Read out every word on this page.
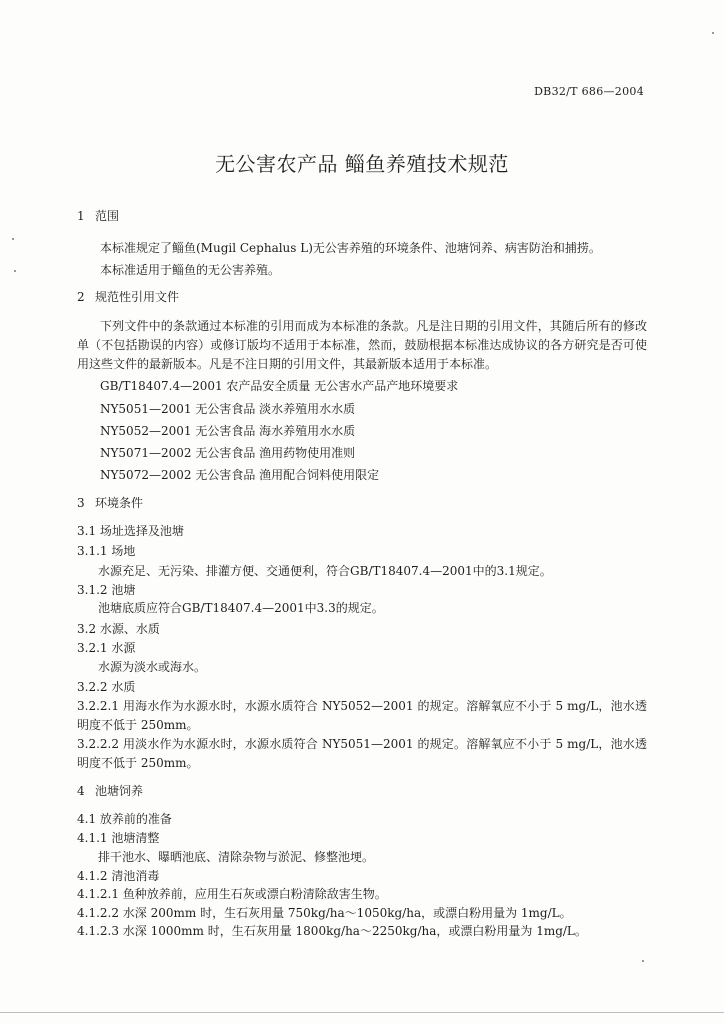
DB32/T 686—2004
无公害农产品 鲻鱼养殖技术规范
1 范围
本标准规定了鲻鱼(Mugil Cephalus L)无公害养殖的环境条件、池塘饲养、病害防治和捕捞。
本标准适用于鲻鱼的无公害养殖。
2 规范性引用文件
下列文件中的条款通过本标准的引用而成为本标准的条款。凡是注日期的引用文件，其随后所有的修改单（不包括勘误的内容）或修订版均不适用于本标准，然而，鼓励根据本标准达成协议的各方研究是否可使用这些文件的最新版本。凡是不注日期的引用文件，其最新版本适用于本标准。
GB/T18407.4—2001 农产品安全质量 无公害水产品产地环境要求
NY5051—2001 无公害食品 淡水养殖用水水质
NY5052—2001 无公害食品 海水养殖用水水质
NY5071—2002 无公害食品 渔用药物使用准则
NY5072—2002 无公害食品 渔用配合饲料使用限定
3 环境条件
3.1 场址选择及池塘
3.1.1 场地
水源充足、无污染、排灌方便、交通便利，符合GB/T18407.4—2001中的3.1规定。
3.1.2 池塘
池塘底质应符合GB/T18407.4—2001中3.3的规定。
3.2 水源、水质
3.2.1 水源
水源为淡水或海水。
3.2.2 水质
3.2.2.1 用海水作为水源水时，水源水质符合 NY5052—2001 的规定。溶解氧应不小于 5 mg/L，池水透明度不低于 250mm。
3.2.2.2 用淡水作为水源水时，水源水质符合 NY5051—2001 的规定。溶解氧应不小于 5 mg/L，池水透明度不低于 250mm。
4 池塘饲养
4.1 放养前的准备
4.1.1 池塘清整
排干池水、曝晒池底、清除杂物与淤泥、修整池埂。
4.1.2 清池消毒
4.1.2.1 鱼种放养前，应用生石灰或漂白粉清除敌害生物。
4.1.2.2 水深 200mm 时，生石灰用量 750kg/ha～1050kg/ha，或漂白粉用量为 1mg/L。
4.1.2.3 水深 1000mm 时，生石灰用量 1800kg/ha～2250kg/ha，或漂白粉用量为 1mg/L。
